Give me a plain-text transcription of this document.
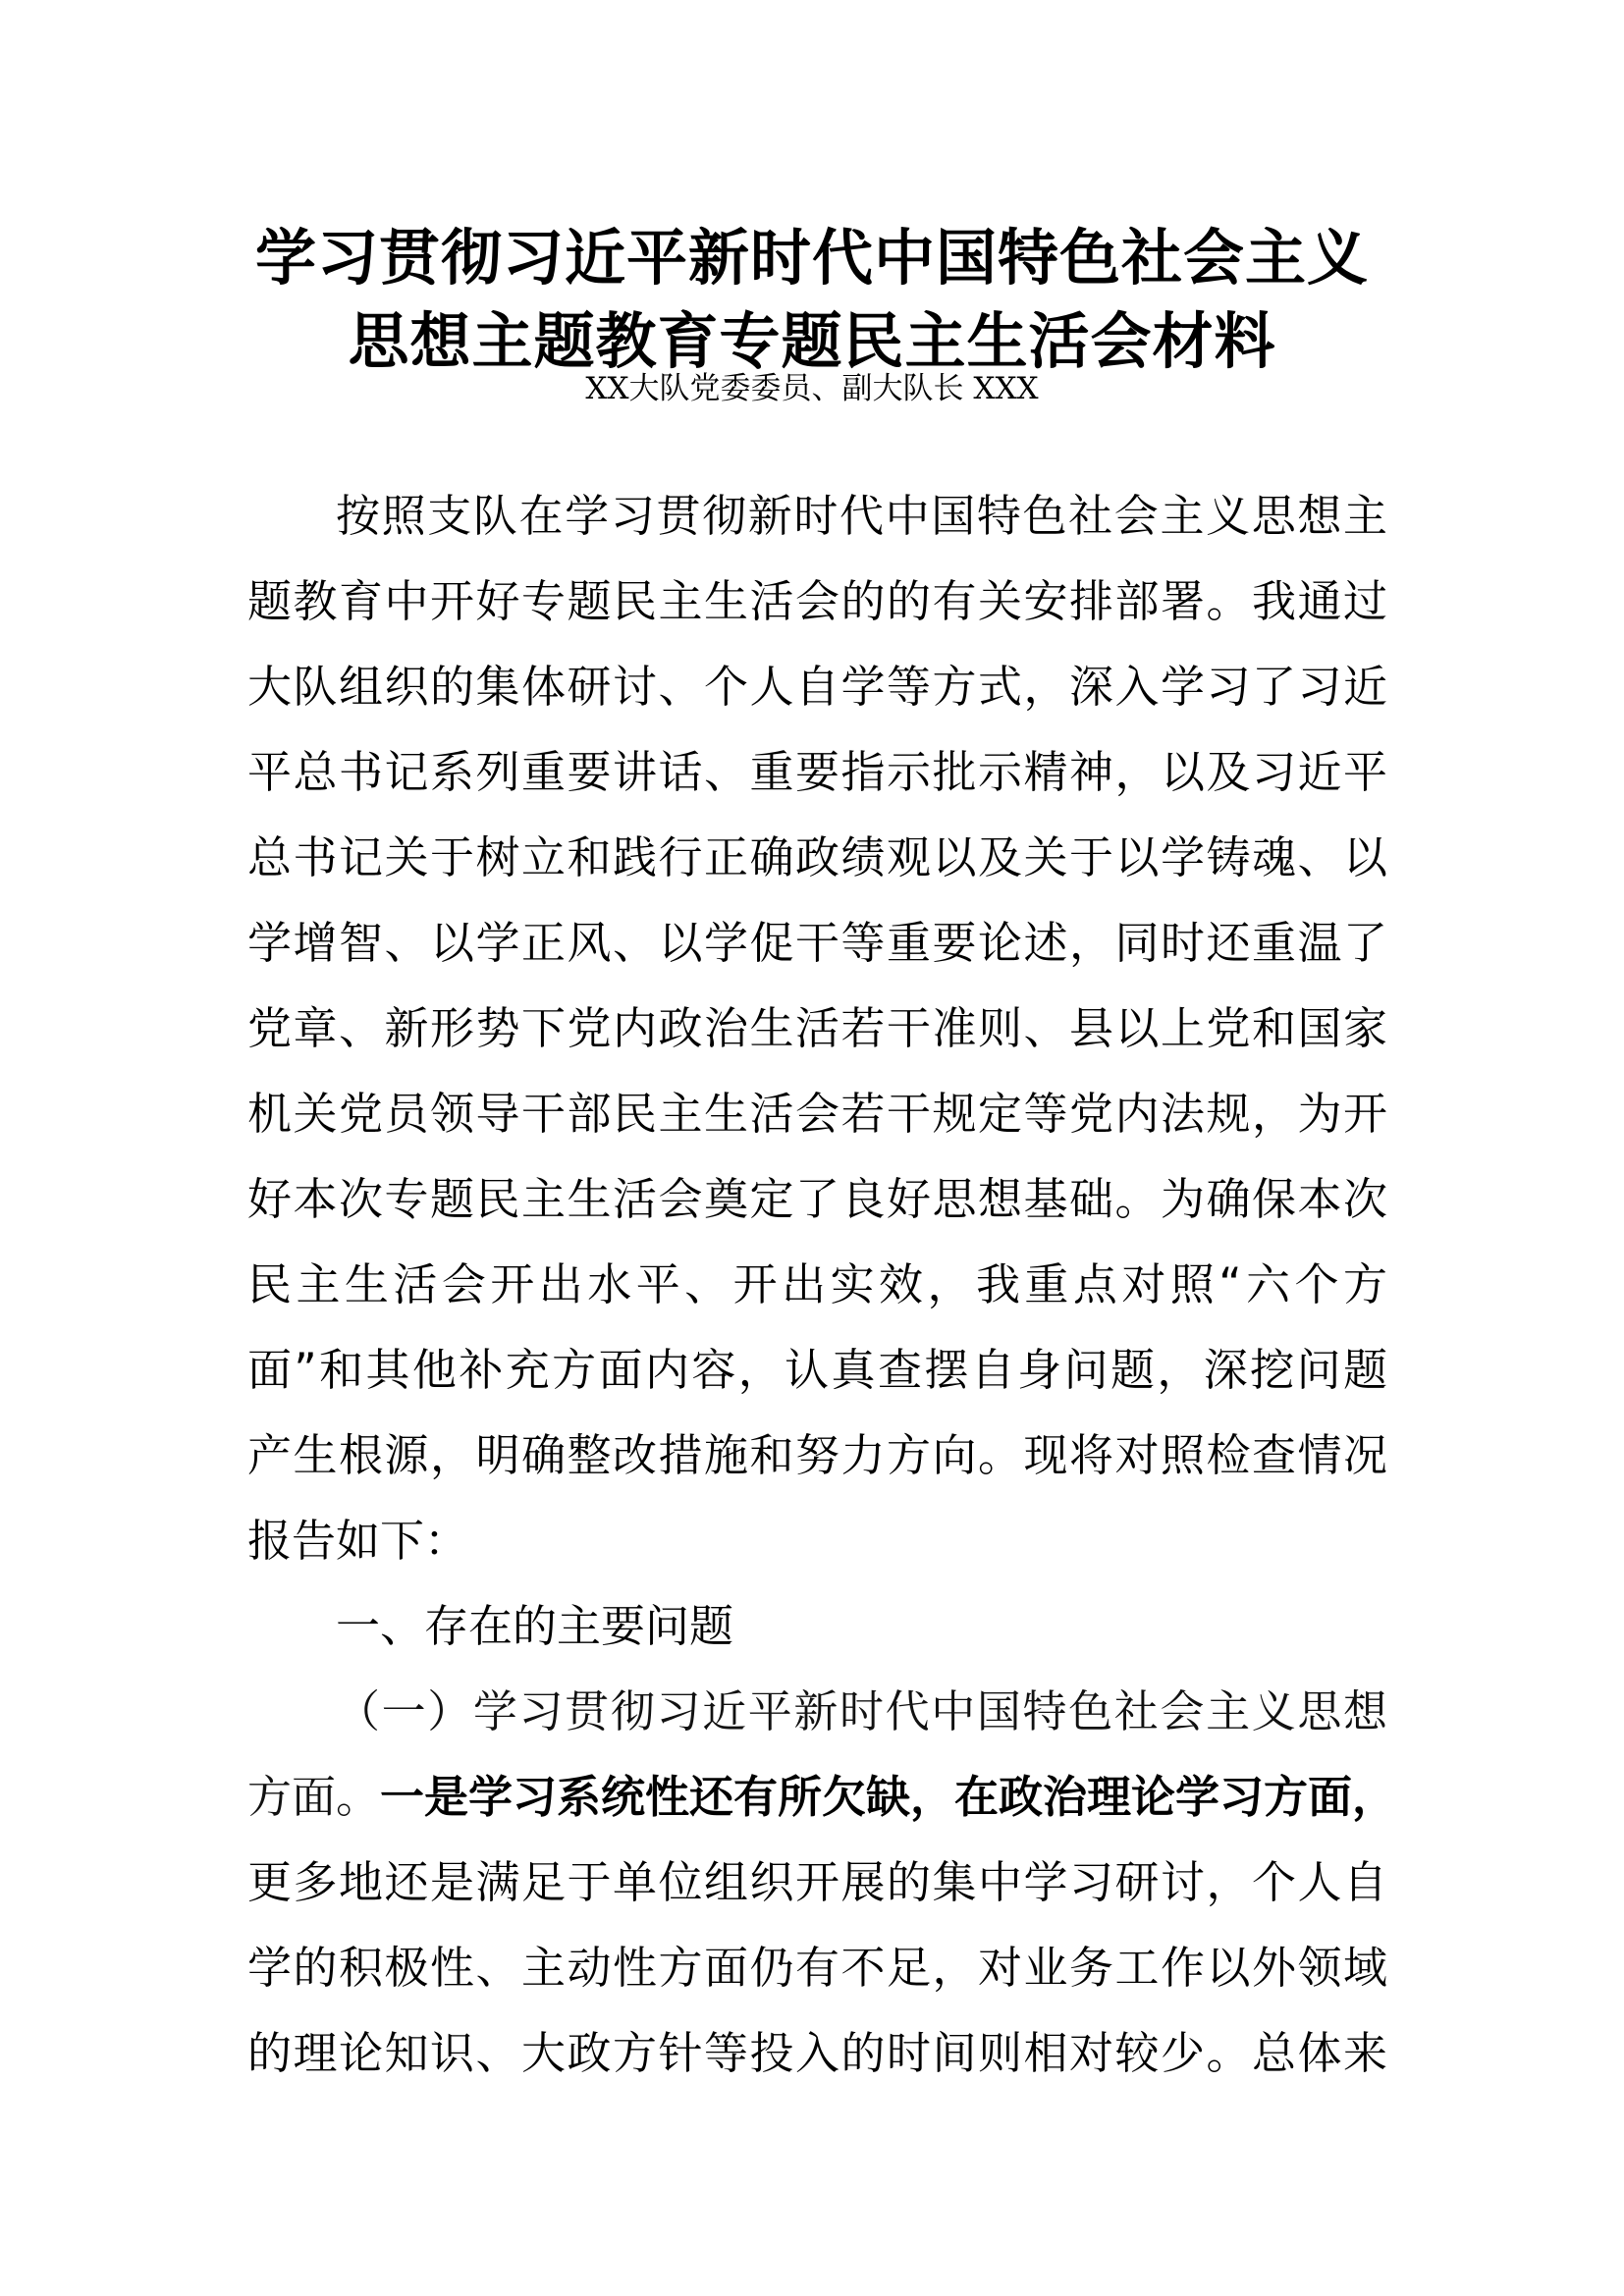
学习贯彻习近平新时代中国特色社会主义
思想主题教育专题民主生活会材料
XX大队党委委员、副大队长 XXX
按照支队在学习贯彻新时代中国特色社会主义思想主
题教育中开好专题民主生活会的的有关安排部署。我通过
大队组织的集体研讨、个人自学等方式，深入学习了习近
平总书记系列重要讲话、重要指示批示精神，以及习近平
总书记关于树立和践行正确政绩观以及关于以学铸魂、以
学增智、以学正风、以学促干等重要论述，同时还重温了
党章、新形势下党内政治生活若干准则、县以上党和国家
机关党员领导干部民主生活会若干规定等党内法规，为开
好本次专题民主生活会奠定了良好思想基础。为确保本次
民主生活会开出水平、开出实效，我重点对照“六个方
面”和其他补充方面内容，认真查摆自身问题，深挖问题
产生根源，明确整改措施和努力方向。现将对照检查情况
报告如下：
一、存在的主要问题
（一）学习贯彻习近平新时代中国特色社会主义思想
方面。 一是学习系统性还有所欠缺，在政治理论学习方面，
更多地还是满足于单位组织开展的集中学习研讨，个人自
学的积极性、主动性方面仍有不足，对业务工作以外领域
的理论知识、大政方针等投入的时间则相对较少。总体来
